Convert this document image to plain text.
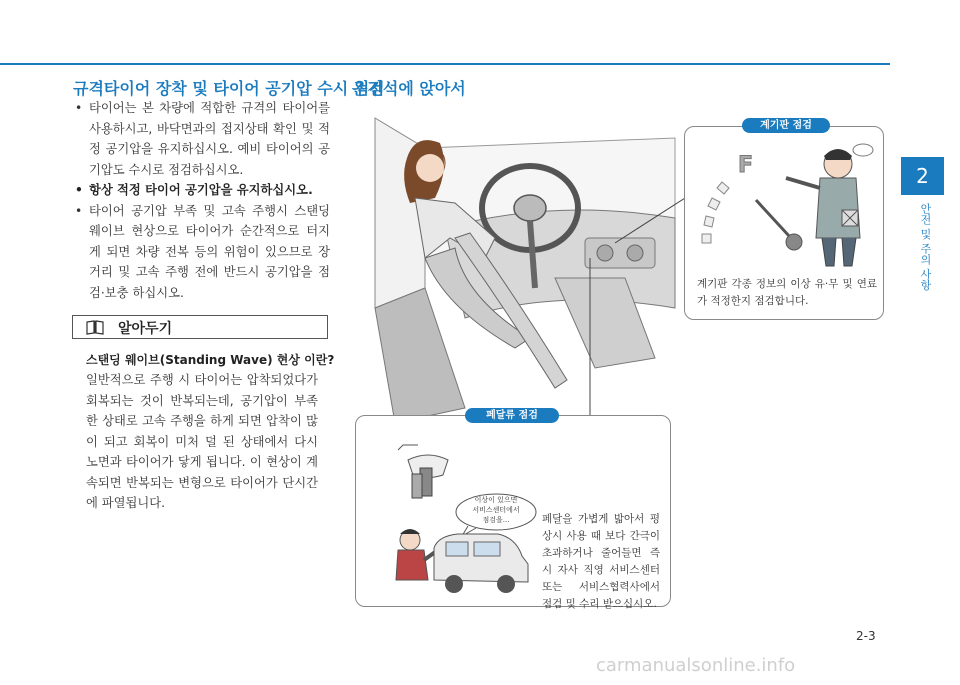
규격타이어 장착 및 타이어 공기압 수시 점검
• 타이어는 본 차량에 적합한 규격의 타이어를 사용하시고, 바닥면과의 접지상태 확인 및 적정 공기압을 유지하십시오. 예비 타이어의 공기압도 수시로 점검하십시오.
• 항상 적정 타이어 공기압을 유지하십시오.
• 타이어 공기압 부족 및 고속 주행시 스탠딩 웨이브 현상으로 타이어가 순간적으로 터지게 되면 차량 전복 등의 위험이 있으므로 장거리 및 고속 주행 전에 반드시 공기압을 점검·보충 하십시오.
알아두기
스탠딩 웨이브(Standing Wave) 현상 이란?

일반적으로 주행 시 타이어는 압착되었다가 회복되는 것이 반복되는데, 공기압이 부족한 상태로 고속 주행을 하게 되면 압착이 많이 되고 회복이 미처 덜 된 상태에서 다시 노면과 타이어가 닿게 됩니다. 이 현상이 계속되면 반복되는 변형으로 타이어가 단시간에 파열됩니다.

운전석에 앉아서
계기판 점검
F

계기판 각종 정보의 이상 유·무 및 연료가 적정한지 점검합니다.

페달류 점검
이상이 있으면
서비스센터에서
점검을...	페달을 가볍게 밟아서 평상시 사용 때 보다 간극이 초과하거나 줄어들면 즉시 자사 직영 서비스센터 또는 서비스협력사에서 점검 및 수리 받으십시오.

2
안전 및 주의 사항
2-3
carmanualsonline.info
